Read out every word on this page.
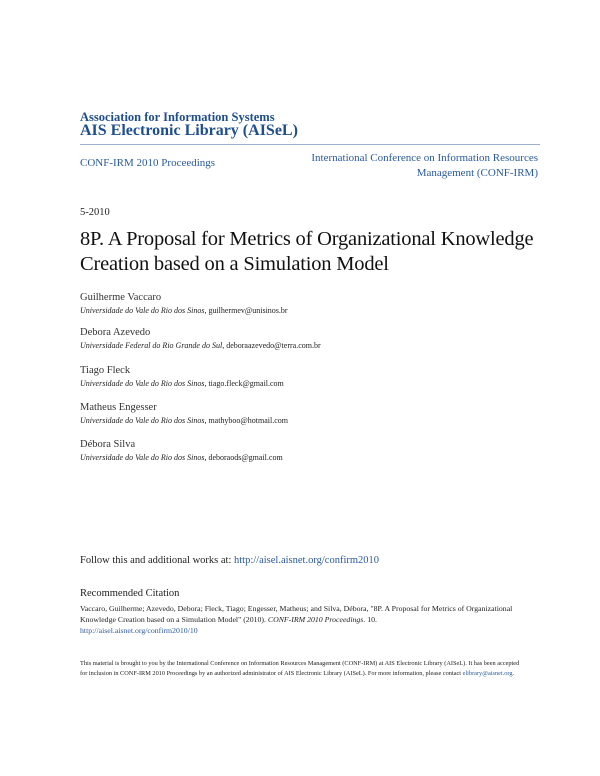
Association for Information Systems
AIS Electronic Library (AISeL)
CONF-IRM 2010 Proceedings	International Conference on Information Resources Management (CONF-IRM)
5-2010
8P. A Proposal for Metrics of Organizational Knowledge Creation based on a Simulation Model
Guilherme Vaccaro
Universidade do Vale do Rio dos Sinos, guilhermev@unisinos.br
Debora Azevedo
Universidade Federal do Rio Grande do Sul, deboraazevedo@terra.com.br
Tiago Fleck
Universidade do Vale do Rio dos Sinos, tiago.fleck@gmail.com
Matheus Engesser
Universidade do Vale do Rio dos Sinos, mathyboo@hotmail.com
Débora Silva
Universidade do Vale do Rio dos Sinos, deboraods@gmail.com
Follow this and additional works at: http://aisel.aisnet.org/confirm2010
Recommended Citation
Vaccaro, Guilherme; Azevedo, Debora; Fleck, Tiago; Engesser, Matheus; and Silva, Débora, "8P. A Proposal for Metrics of Organizational Knowledge Creation based on a Simulation Model" (2010). CONF-IRM 2010 Proceedings. 10.
http://aisel.aisnet.org/confirm2010/10
This material is brought to you by the International Conference on Information Resources Management (CONF-IRM) at AIS Electronic Library (AISeL). It has been accepted for inclusion in CONF-IRM 2010 Proceedings by an authorized administrator of AIS Electronic Library (AISeL). For more information, please contact elibrary@aisnet.org.
